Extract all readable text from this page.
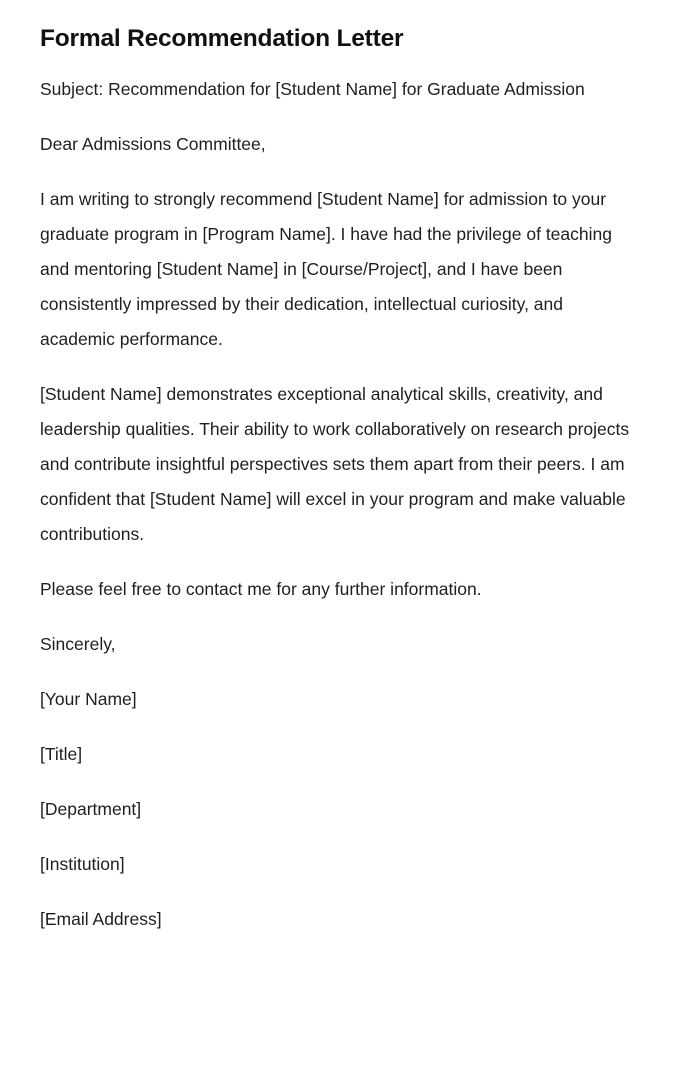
Formal Recommendation Letter

Subject: Recommendation for [Student Name] for Graduate Admission

Dear Admissions Committee,

I am writing to strongly recommend [Student Name] for admission to your graduate program in [Program Name]. I have had the privilege of teaching and mentoring [Student Name] in [Course/Project], and I have been consistently impressed by their dedication, intellectual curiosity, and academic performance.

[Student Name] demonstrates exceptional analytical skills, creativity, and leadership qualities. Their ability to work collaboratively on research projects and contribute insightful perspectives sets them apart from their peers. I am confident that [Student Name] will excel in your program and make valuable contributions.

Please feel free to contact me for any further information.

Sincerely,

[Your Name]

[Title]

[Department]

[Institution]

[Email Address]
